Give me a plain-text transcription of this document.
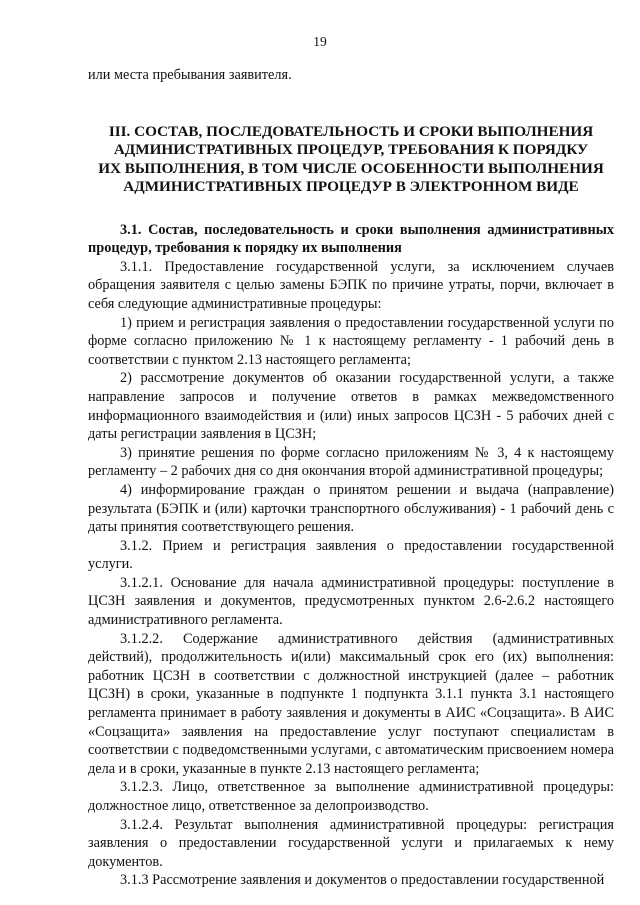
19

или места пребывания заявителя.

III. СОСТАВ, ПОСЛЕДОВАТЕЛЬНОСТЬ И СРОКИ ВЫПОЛНЕНИЯ
АДМИНИСТРАТИВНЫХ ПРОЦЕДУР, ТРЕБОВАНИЯ К ПОРЯДКУ
ИХ ВЫПОЛНЕНИЯ, В ТОМ ЧИСЛЕ ОСОБЕННОСТИ ВЫПОЛНЕНИЯ
АДМИНИСТРАТИВНЫХ ПРОЦЕДУР В ЭЛЕКТРОННОМ ВИДЕ

3.1. Состав, последовательность и сроки выполнения административных процедур, требования к порядку их выполнения

3.1.1. Предоставление государственной услуги, за исключением случаев обращения заявителя с целью замены БЭПК по причине утраты, порчи, включает в себя следующие административные процедуры:

1) прием и регистрация заявления о предоставлении государственной услуги по форме согласно приложению № 1 к настоящему регламенту - 1 рабочий день в соответствии с пунктом 2.13 настоящего регламента;

2) рассмотрение документов об оказании государственной услуги, а также направление запросов и получение ответов в рамках межведомственного информационного взаимодействия и (или) иных запросов ЦСЗН - 5 рабочих дней с даты регистрации заявления в ЦСЗН;

3) принятие решения по форме согласно приложениям № 3, 4 к настоящему регламенту – 2 рабочих дня со дня окончания второй административной процедуры;

4) информирование граждан о принятом решении и выдача (направление) результата (БЭПК и (или) карточки транспортного обслуживания) - 1 рабочий день с даты принятия соответствующего решения.

3.1.2. Прием и регистрация заявления о предоставлении государственной услуги.

3.1.2.1. Основание для начала административной процедуры: поступление в ЦСЗН заявления и документов, предусмотренных пунктом 2.6-2.6.2 настоящего административного регламента.

3.1.2.2. Содержание административного действия (административных действий), продолжительность и(или) максимальный срок его (их) выполнения: работник ЦСЗН в соответствии с должностной инструкцией (далее – работник ЦСЗН) в сроки, указанные в подпункте 1 подпункта 3.1.1 пункта 3.1 настоящего регламента принимает в работу заявления и документы в АИС «Соцзащита». В АИС «Соцзащита» заявления на предоставление услуг поступают специалистам в соответствии с подведомственными услугами, с автоматическим присвоением номера дела и в сроки, указанные в пункте 2.13 настоящего регламента;

3.1.2.3. Лицо, ответственное за выполнение административной процедуры: должностное лицо, ответственное за делопроизводство.

3.1.2.4. Результат выполнения административной процедуры: регистрация заявления о предоставлении государственной услуги и прилагаемых к нему документов.

3.1.3 Рассмотрение заявления и документов о предоставлении государственной
